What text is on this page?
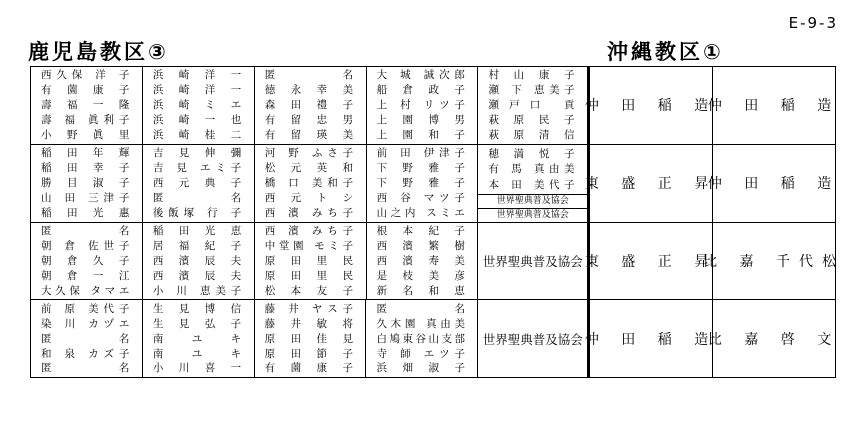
E-9-3
鹿児島教区③	沖縄教区①
西久保 洋 子
有 薗 康 子
壽 福 一 隆
壽 福 眞利子
小 野 眞 里
浜 崎 洋 一
浜 崎 洋 一
浜 崎 ミ エ
浜 崎 一 也
浜 崎 桂 二
匿 名
徳 永 幸 美
森 田 禮 子
有 留 忠 男
有 留 瑛 美
大 城 誠次郎
船 倉 政 子
上 村 リツ子
上 園 博 男
上 園 和 子
村 山 康 子
瀬 下 恵美子
瀬戸口 貢
萩 原 民 子
萩 原 清 信
仲 田 稲 造
仲 田 稲 造
稲 田 年 輝
稲 田 幸 子
勝 目 淑 子
山 田 三津子
稲 田 光 惠
吉 見 伸 彌
吉 見 エミ子
西 元 典 子
匿 名
後飯塚 行 子
河 野 ふさ子
松 元 英 和
橋 口 美和子
西 元 ト シ
西 濱 みち子
前 田 伊津子
下 野 雅 子
下 野 雅 子
西 谷 マツ子
山之内 スミエ
穂 満 悦 子
有 馬 真由美
本 田 美代子
世界聖典普及協会
世界聖典普及協会
東 盛 正 昇
仲 田 稲 造
匿 名
朝 倉 佐世子
朝 倉 久 子
朝 倉 一 江
大久保 タマエ
稲 田 光 恵
居 福 紀 子
西 濱 辰 夫
西 濱 辰 夫
小 川 恵美子
西 濱 みち子
中堂園 モミ子
原 田 里 民
原 田 里 民
松 本 友 子
根 本 紀 子
西 濱 繁 樹
西 濱 寿 美
是 枝 美 彦
新 名 和 恵
世界聖典普及協会 東 盛 正 昇
比 嘉 千代松
前 原 美代子
染 川 カヅエ
匿 名
和 泉 カズ子
匿 名
生 見 博 信
生 見 弘 子
南 ユ キ
南 ユ キ
小 川 喜 一
藤 井 ヤス子
藤 井 敏 将
原 田 佳 見
原 田 節 子
有 薗 康 子
匿 名
久木園 真由美
白鳩東谷山支部
寺 師 エツ子
浜 畑 淑 子
世界聖典普及協会 仲 田 稲 造
比 嘉 啓 文
